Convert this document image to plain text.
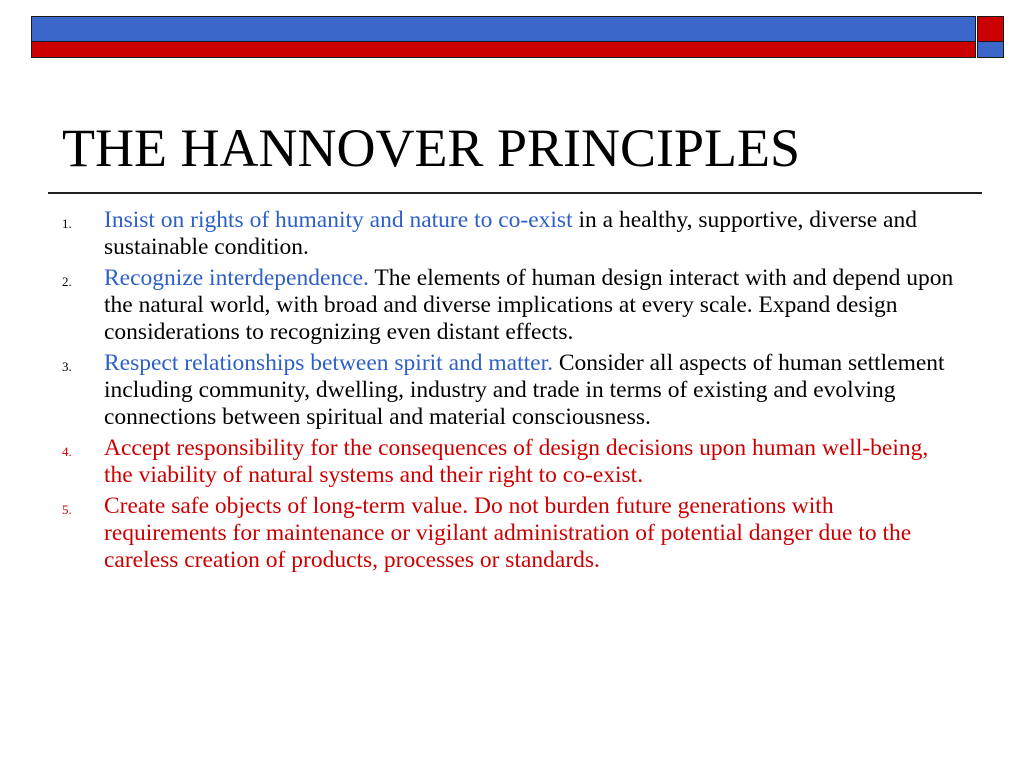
THE HANNOVER PRINCIPLES
1.	Insist on rights of humanity and nature to co-exist in a healthy, supportive, diverse and sustainable condition.
2.	Recognize interdependence. The elements of human design interact with and depend upon the natural world, with broad and diverse implications at every scale. Expand design considerations to recognizing even distant effects.
3.	Respect relationships between spirit and matter. Consider all aspects of human settlement including community, dwelling, industry and trade in terms of existing and evolving connections between spiritual and material consciousness.
4.	Accept responsibility for the consequences of design decisions upon human well-being, the viability of natural systems and their right to co-exist.
5.	Create safe objects of long-term value. Do not burden future generations with requirements for maintenance or vigilant administration of potential danger due to the careless creation of products, processes or standards.
